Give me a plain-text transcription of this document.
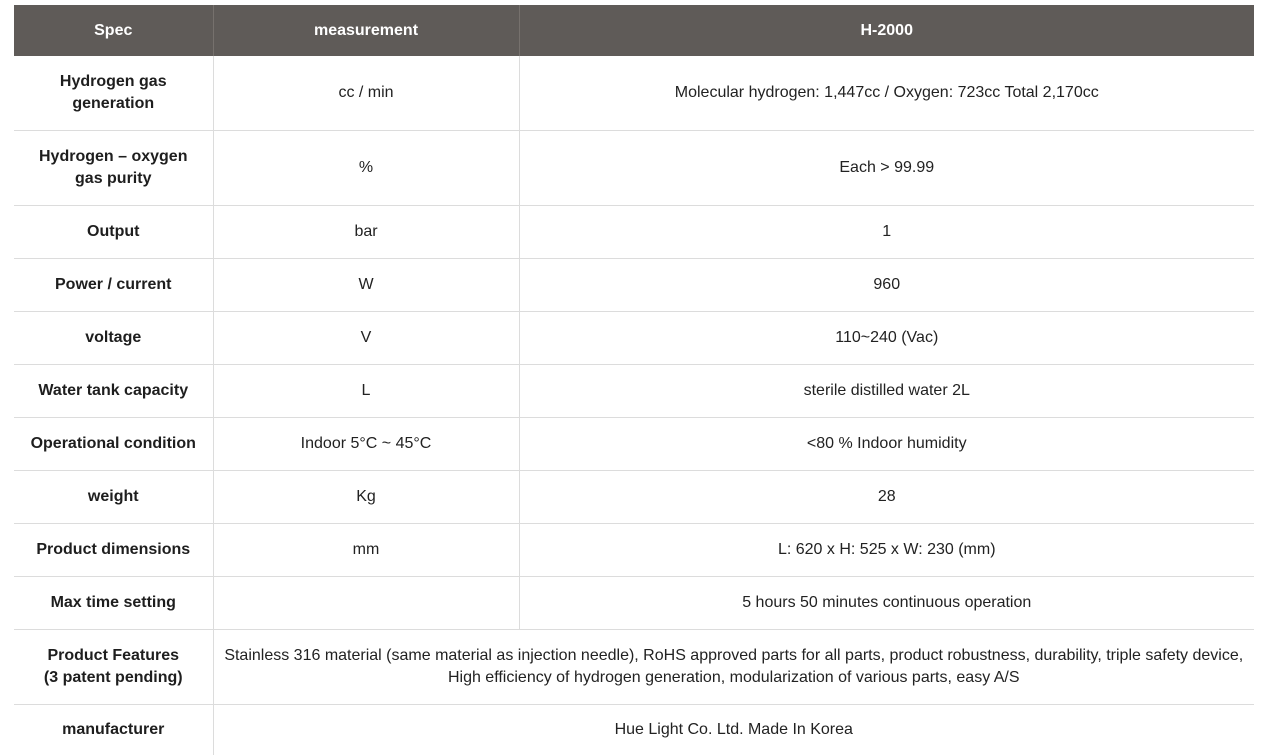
Spec	measurement	H-2000
Hydrogen gas
generation	cc / min	Molecular hydrogen: 1,447cc / Oxygen: 723cc Total 2,170cc
Hydrogen – oxygen
gas purity	%	Each > 99.99
Output	bar	1
Power / current	W	960
voltage	V	110~240 (Vac)
Water tank capacity	L	sterile distilled water 2L
Operational condition	Indoor 5°C ~ 45°C	<80 % Indoor humidity
weight	Kg	28
Product dimensions	mm	L: 620 x H: 525 x W: 230 (mm)
Max time setting		5 hours 50 minutes continuous operation
Product Features
(3 patent pending)	Stainless 316 material (same material as injection needle), RoHS approved parts for all parts, product robustness, durability, triple safety device,
High efficiency of hydrogen generation, modularization of various parts, easy A/S	
manufacturer	Hue Light Co. Ltd. Made In Korea	
